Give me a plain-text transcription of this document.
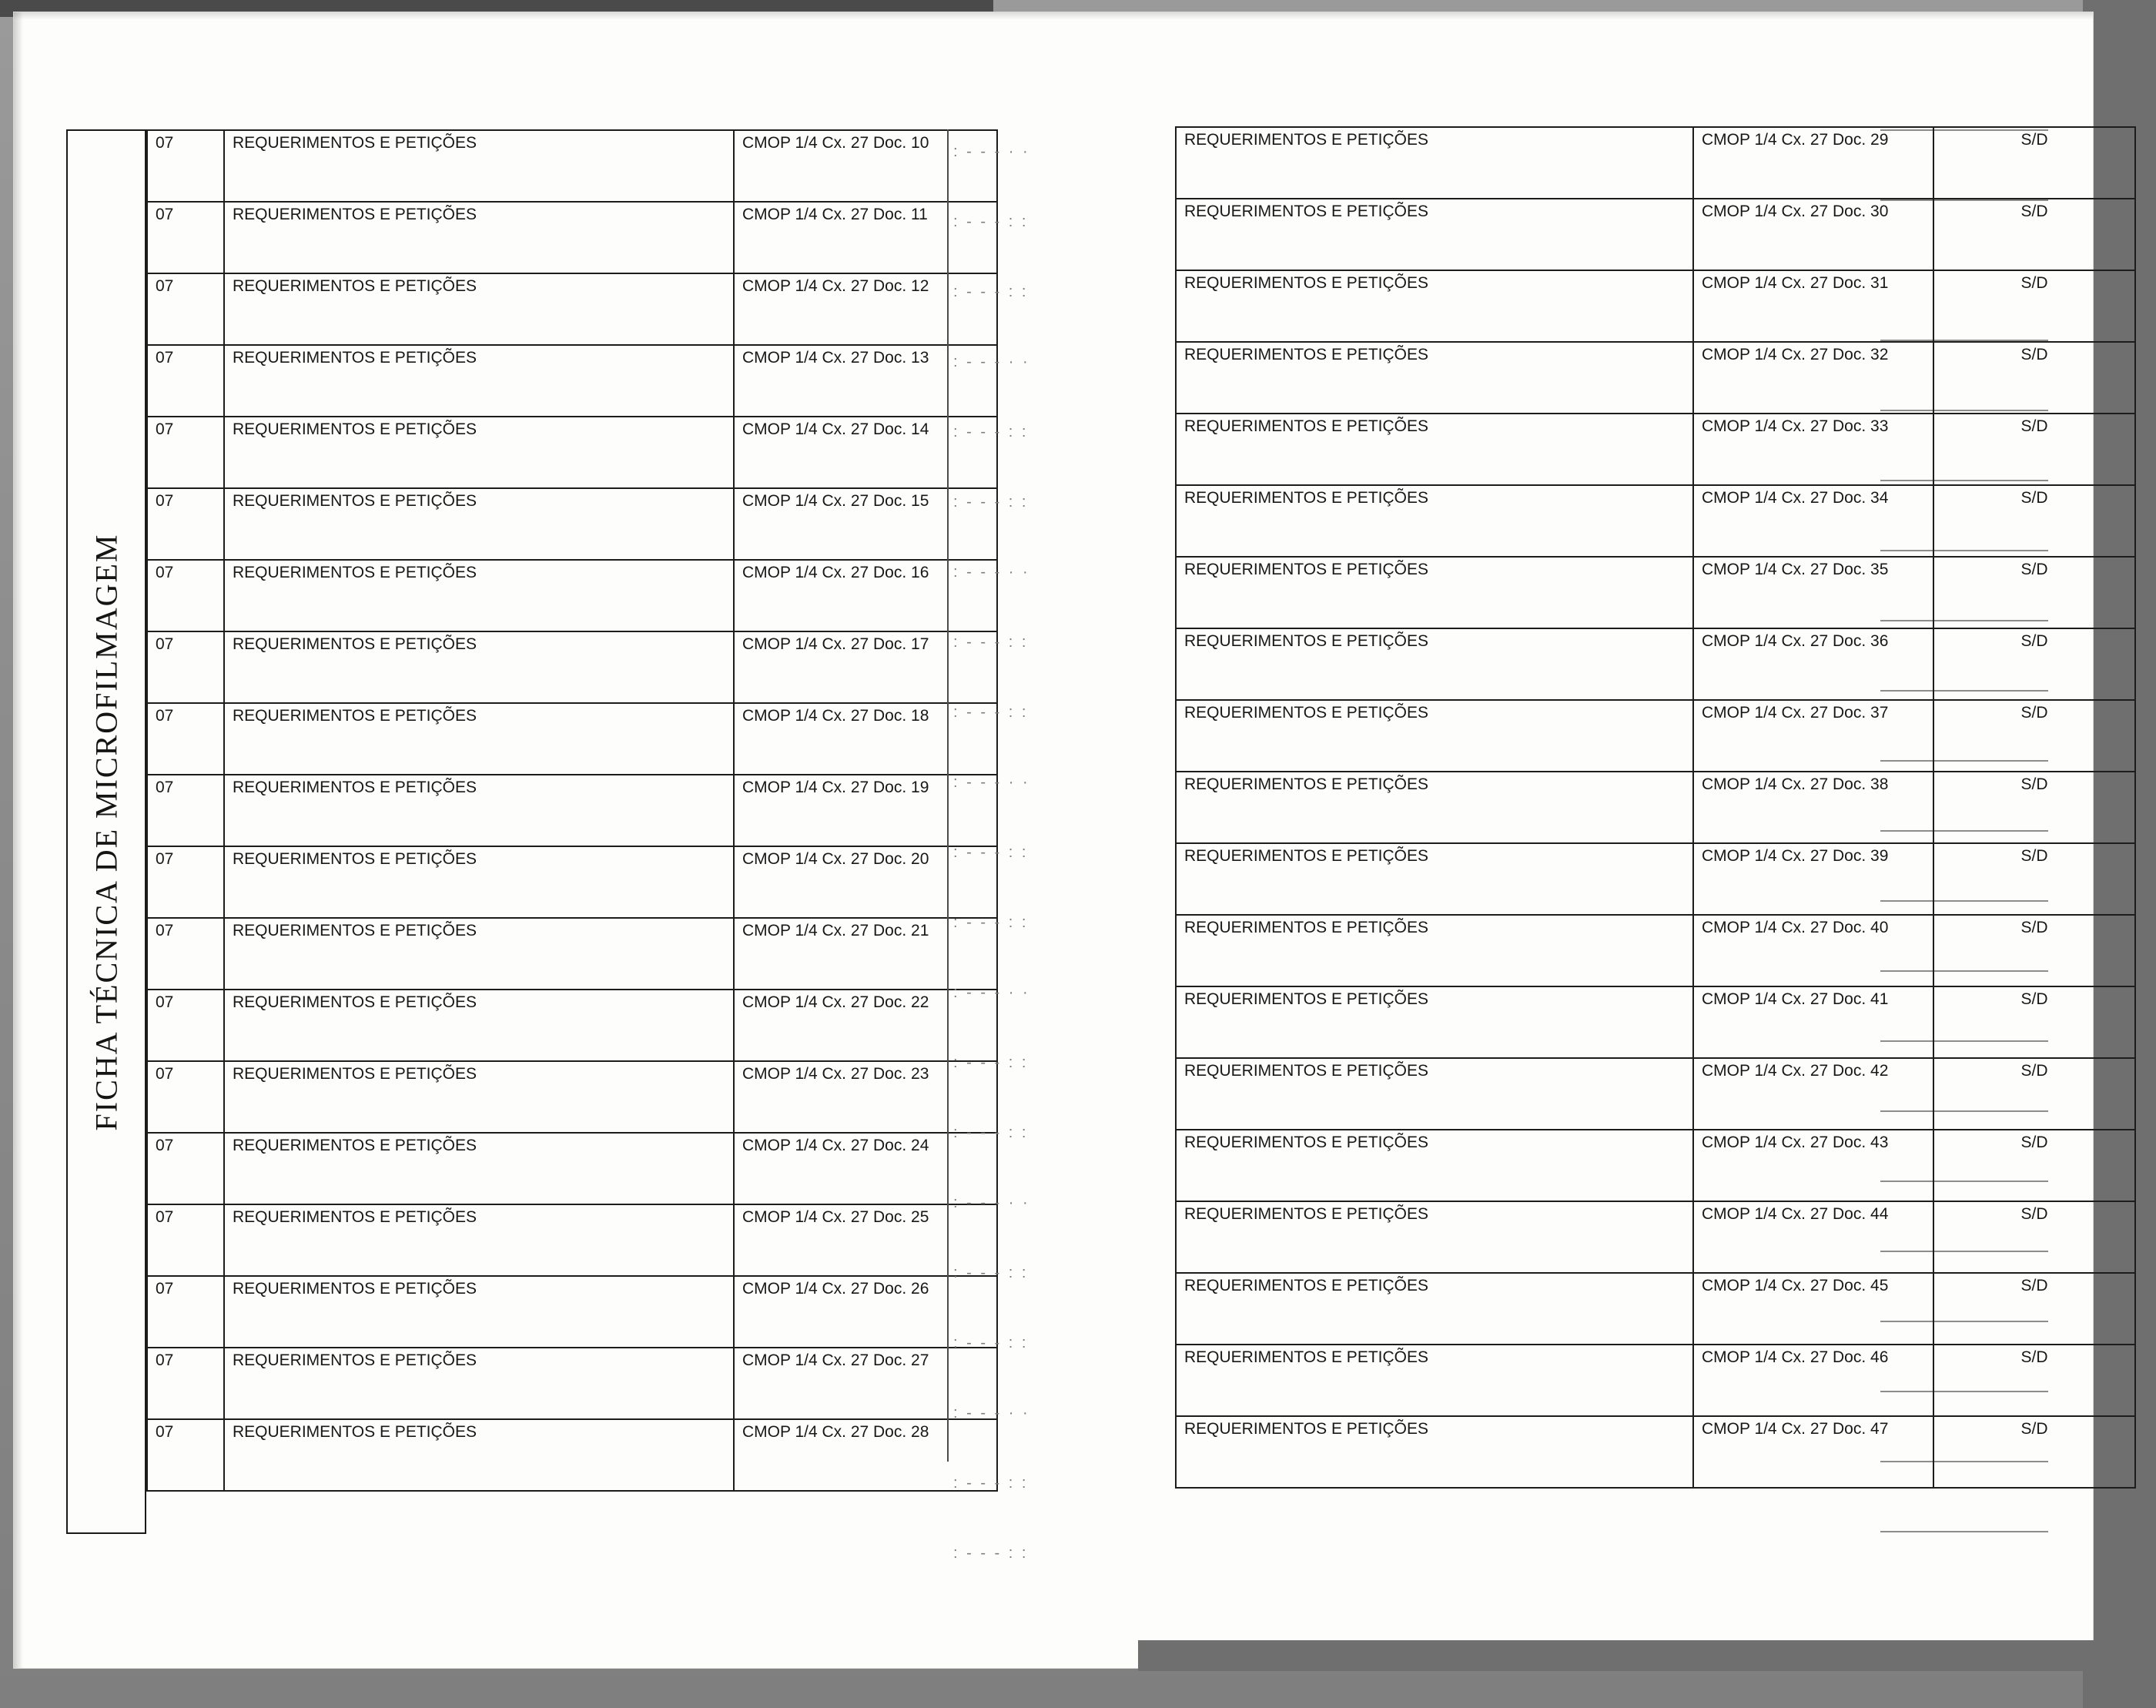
FICHA TÉCNICA DE MICROFILMAGEM
07	REQUERIMENTOS E PETIÇÕES	CMOP 1/4 Cx. 27 Doc. 10
07	REQUERIMENTOS E PETIÇÕES	CMOP 1/4 Cx. 27 Doc. 11
07	REQUERIMENTOS E PETIÇÕES	CMOP 1/4 Cx. 27 Doc. 12
07	REQUERIMENTOS E PETIÇÕES	CMOP 1/4 Cx. 27 Doc. 13
07	REQUERIMENTOS E PETIÇÕES	CMOP 1/4 Cx. 27 Doc. 14
07	REQUERIMENTOS E PETIÇÕES	CMOP 1/4 Cx. 27 Doc. 15
07	REQUERIMENTOS E PETIÇÕES	CMOP 1/4 Cx. 27 Doc. 16
07	REQUERIMENTOS E PETIÇÕES	CMOP 1/4 Cx. 27 Doc. 17
07	REQUERIMENTOS E PETIÇÕES	CMOP 1/4 Cx. 27 Doc. 18
07	REQUERIMENTOS E PETIÇÕES	CMOP 1/4 Cx. 27 Doc. 19
07	REQUERIMENTOS E PETIÇÕES	CMOP 1/4 Cx. 27 Doc. 20
07	REQUERIMENTOS E PETIÇÕES	CMOP 1/4 Cx. 27 Doc. 21
07	REQUERIMENTOS E PETIÇÕES	CMOP 1/4 Cx. 27 Doc. 22
07	REQUERIMENTOS E PETIÇÕES	CMOP 1/4 Cx. 27 Doc. 23
07	REQUERIMENTOS E PETIÇÕES	CMOP 1/4 Cx. 27 Doc. 24
07	REQUERIMENTOS E PETIÇÕES	CMOP 1/4 Cx. 27 Doc. 25
07	REQUERIMENTOS E PETIÇÕES	CMOP 1/4 Cx. 27 Doc. 26
07	REQUERIMENTOS E PETIÇÕES	CMOP 1/4 Cx. 27 Doc. 27
07	REQUERIMENTOS E PETIÇÕES	CMOP 1/4 Cx. 27 Doc. 28
: - - - · ·
: - - - : :
: - - - : :
: - - - · ·
: - - - : :
: - - - : :
: - - - · ·
: - - - : :
: - - - : :
: - - - · ·
: - - - : :
: - - - : :
: - - - · ·
: - - - : :
: - - - : :
: - - - · ·
: - - - : :
: - - - : :
: - - - · ·
: - - - : :
: - - - : :
REQUERIMENTOS E PETIÇÕES	CMOP 1/4 Cx. 27 Doc. 29	S/D
REQUERIMENTOS E PETIÇÕES	CMOP 1/4 Cx. 27 Doc. 30	S/D
REQUERIMENTOS E PETIÇÕES	CMOP 1/4 Cx. 27 Doc. 31	S/D
REQUERIMENTOS E PETIÇÕES	CMOP 1/4 Cx. 27 Doc. 32	S/D
REQUERIMENTOS E PETIÇÕES	CMOP 1/4 Cx. 27 Doc. 33	S/D
REQUERIMENTOS E PETIÇÕES	CMOP 1/4 Cx. 27 Doc. 34	S/D
REQUERIMENTOS E PETIÇÕES	CMOP 1/4 Cx. 27 Doc. 35	S/D
REQUERIMENTOS E PETIÇÕES	CMOP 1/4 Cx. 27 Doc. 36	S/D
REQUERIMENTOS E PETIÇÕES	CMOP 1/4 Cx. 27 Doc. 37	S/D
REQUERIMENTOS E PETIÇÕES	CMOP 1/4 Cx. 27 Doc. 38	S/D
REQUERIMENTOS E PETIÇÕES	CMOP 1/4 Cx. 27 Doc. 39	S/D
REQUERIMENTOS E PETIÇÕES	CMOP 1/4 Cx. 27 Doc. 40	S/D
REQUERIMENTOS E PETIÇÕES	CMOP 1/4 Cx. 27 Doc. 41	S/D
REQUERIMENTOS E PETIÇÕES	CMOP 1/4 Cx. 27 Doc. 42	S/D
REQUERIMENTOS E PETIÇÕES	CMOP 1/4 Cx. 27 Doc. 43	S/D
REQUERIMENTOS E PETIÇÕES	CMOP 1/4 Cx. 27 Doc. 44	S/D
REQUERIMENTOS E PETIÇÕES	CMOP 1/4 Cx. 27 Doc. 45	S/D
REQUERIMENTOS E PETIÇÕES	CMOP 1/4 Cx. 27 Doc. 46	S/D
REQUERIMENTOS E PETIÇÕES	CMOP 1/4 Cx. 27 Doc. 47	S/D
